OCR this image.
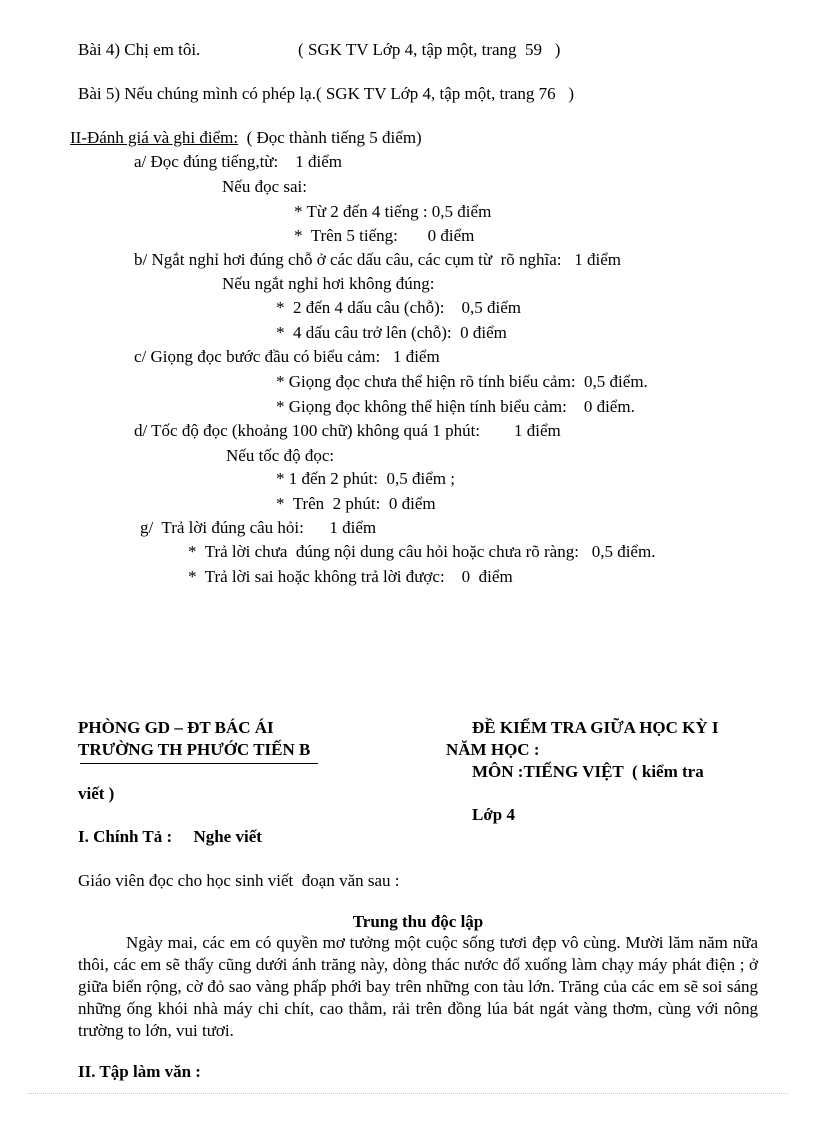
Bài 4) Chị em tôi.                       ( SGK TV Lớp 4, tập một, trang  59   )
Bài 5) Nếu chúng mình có phép lạ.( SGK TV Lớp 4, tập một, trang 76   )
II-Đánh giá và ghi điểm:  ( Đọc thành tiếng 5 điểm)
a/ Đọc đúng tiếng,từ:    1 điểm
Nếu đọc sai:
* Từ 2 đến 4 tiếng : 0,5 điểm
*  Trên 5 tiếng:       0 điểm
b/ Ngắt nghỉ hơi đúng chỗ ở các dấu câu, các cụm từ  rõ nghĩa:   1 điểm
Nếu ngắt nghỉ hơi không đúng:
*  2 đến 4 dấu câu (chỗ):    0,5 điểm
*  4 dấu câu trở lên (chỗ):  0 điểm
c/ Giọng đọc bước đầu có biểu cảm:   1 điểm
* Giọng đọc chưa thể hiện rõ tính biểu cảm:  0,5 điểm.
* Giọng đọc không thể hiện tính biểu cảm:    0 điểm.
d/ Tốc độ đọc (khoảng 100 chữ) không quá 1 phút:        1 điểm
Nếu tốc độ đọc:
* 1 đến 2 phút:  0,5 điểm ;
*  Trên  2 phút:  0 điểm
g/  Trả lời đúng câu hỏi:      1 điểm
*  Trả lời chưa  đúng nội dung câu hỏi hoặc chưa rõ ràng:   0,5 điểm.
*  Trả lời sai hoặc không trả lời được:    0  điểm
PHÒNG GD – ĐT BÁC ÁI
TRƯỜNG TH PHƯỚC TIẾN B
ĐỀ KIỂM TRA GIỮA HỌC KỲ I
NĂM HỌC :
MÔN :TIẾNG VIỆT  ( kiểm tra
viết )
Lớp 4
I. Chính Tả : Nghe viết
Giáo viên đọc cho học sinh viết  đoạn văn sau :
Trung thu độc lập
Ngày mai, các em có quyền mơ tưởng một cuộc sống tươi đẹp vô cùng. Mười lăm năm nữa thôi, các em sẽ thấy cũng dưới ánh trăng này, dòng thác nước đổ xuống làm chạy máy phát điện ; ở giữa biển rộng, cờ đỏ sao vàng phấp phới bay trên những con tàu lớn. Trăng của các em sẽ soi sáng những ống khói nhà máy chi chít, cao thẳm, rải trên đồng lúa bát ngát vàng thơm, cùng với nông trường to lớn, vui tươi.
II. Tập làm văn :
